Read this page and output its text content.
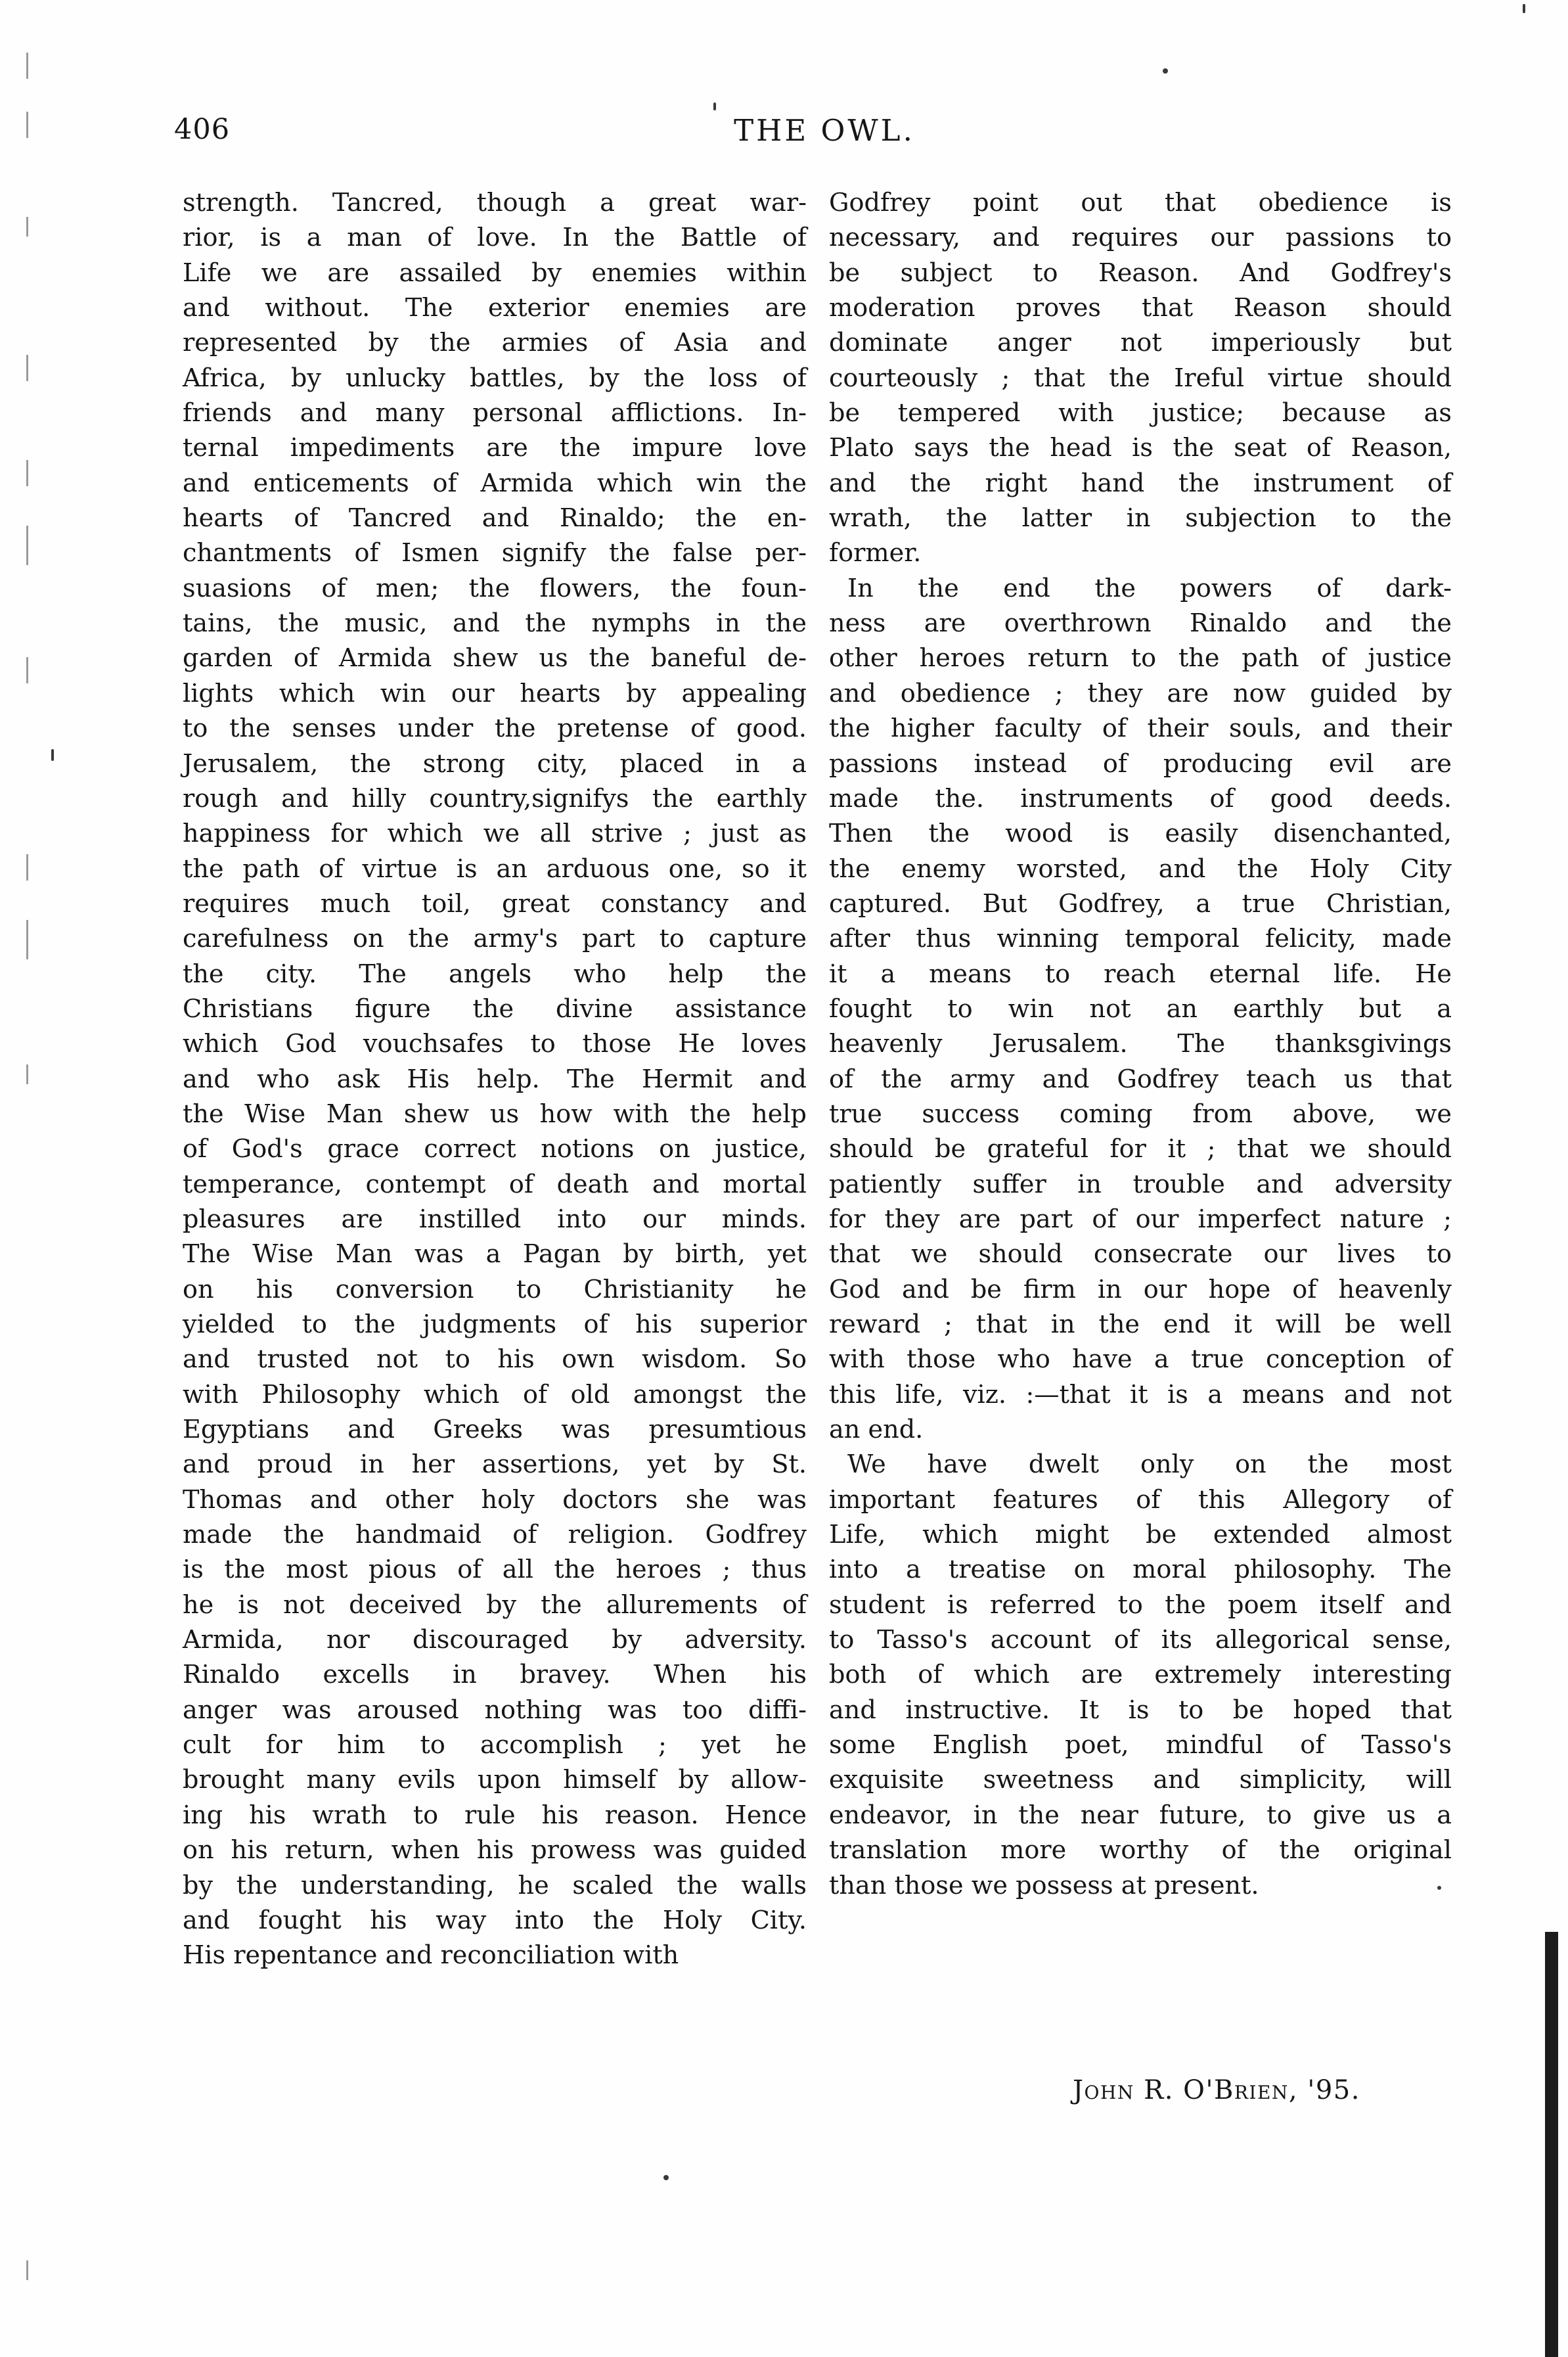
406	THE OWL.
strength. Tancred, though a great war-
rior, is a man of love. In the Battle of
Life we are assailed by enemies within
and without. The exterior enemies are
represented by the armies of Asia and
Africa, by unlucky battles, by the loss of
friends and many personal afflictions. In-
ternal impediments are the impure love
and enticements of Armida which win the
hearts of Tancred and Rinaldo; the en-
chantments of Ismen signify the false per-
suasions of men; the flowers, the foun-
tains, the music, and the nymphs in the
garden of Armida shew us the baneful de-
lights which win our hearts by appealing
to the senses under the pretense of good.
Jerusalem, the strong city, placed in a
rough and hilly country,signifys the earthly
happiness for which we all strive ; just as
the path of virtue is an arduous one, so it
requires much toil, great constancy and
carefulness on the army's part to capture
the city. The angels who help the
Christians figure the divine assistance
which God vouchsafes to those He loves
and who ask His help. The Hermit and
the Wise Man shew us how with the help
of God's grace correct notions on justice,
temperance, contempt of death and mortal
pleasures are instilled into our minds.
The Wise Man was a Pagan by birth, yet
on his conversion to Christianity he
yielded to the judgments of his superior
and trusted not to his own wisdom. So
with Philosophy which of old amongst the
Egyptians and Greeks was presumtious
and proud in her assertions, yet by St.
Thomas and other holy doctors she was
made the handmaid of religion. Godfrey
is the most pious of all the heroes ; thus
he is not deceived by the allurements of
Armida, nor discouraged by adversity.
Rinaldo excells in bravey. When his
anger was aroused nothing was too diffi-
cult for him to accomplish ; yet he
brought many evils upon himself by allow-
ing his wrath to rule his reason. Hence
on his return, when his prowess was guided
by the understanding, he scaled the walls
and fought his way into the Holy City.
His repentance and reconciliation with
Godfrey point out that obedience is
necessary, and requires our passions to
be subject to Reason. And Godfrey's
moderation proves that Reason should
dominate anger not imperiously but
courteously ; that the Ireful virtue should
be tempered with justice; because as
Plato says the head is the seat of Reason,
and the right hand the instrument of
wrath, the latter in subjection to the
former.
In the end the powers of dark-
ness are overthrown Rinaldo and the
other heroes return to the path of justice
and obedience ; they are now guided by
the higher faculty of their souls, and their
passions instead of producing evil are
made the. instruments of good deeds.
Then the wood is easily disenchanted,
the enemy worsted, and the Holy City
captured. But Godfrey, a true Christian,
after thus winning temporal felicity, made
it a means to reach eternal life. He
fought to win not an earthly but a
heavenly Jerusalem. The thanksgivings
of the army and Godfrey teach us that
true success coming from above, we
should be grateful for it ; that we should
patiently suffer in trouble and adversity
for they are part of our imperfect nature ;
that we should consecrate our lives to
God and be firm in our hope of heavenly
reward ; that in the end it will be well
with those who have a true conception of
this life, viz. :—that it is a means and not
an end.
We have dwelt only on the most
important features of this Allegory of
Life, which might be extended almost
into a treatise on moral philosophy. The
student is referred to the poem itself and
to Tasso's account of its allegorical sense,
both of which are extremely interesting
and instructive. It is to be hoped that
some English poet, mindful of Tasso's
exquisite sweetness and simplicity, will
endeavor, in the near future, to give us a
translation more worthy of the original
than those we possess at present.
John R. O'Brien, '95.
